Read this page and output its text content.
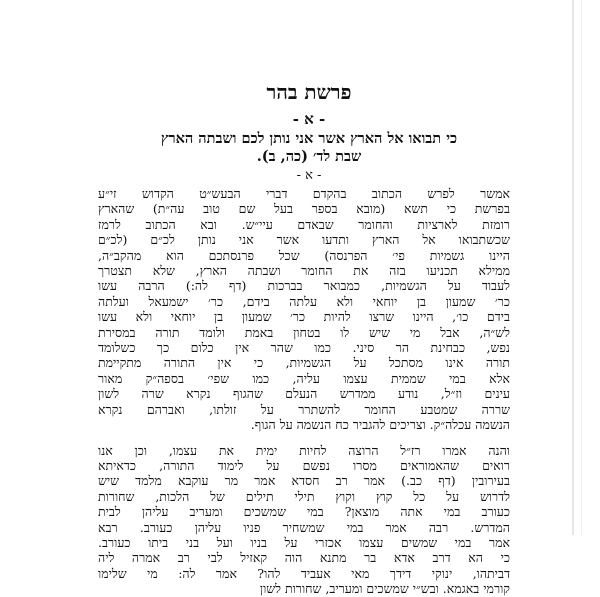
פרשת בהר
- א -
כי תבואו אל הארץ אשר אני נותן לכם ושבתה הארץ
שבת לד׳ (כה, ב).
- א -
אמשר לפרש הכתוב בהקדם דברי הבעש״ט הקדוש זי״ע
בפרשת כי תשא (מובא בספר בעל שם טוב עה״ת) שהארץ
רומזת לארציות והחומר שבאדם עיי״ש. ובא הכתוב לרמז
שכשתבואו אל הארץ ותדעו אשר אני נותן לכ״ם (לכ״ם
היינו גשמיות פי׳ הפרנסה) שכל פרנסתכם הוא מהקב״ה,
ממילא תכניעו בזה את החומר ושבתה הארץ, שלא תצטרך
לעבוד על הגשמיות, כמבואר בברכות (דף לה:) הרבה עשו
כר׳ שמעון בן יוחאי ולא עלתה בידם, כר׳ ישמעאל ועלתה
בידם כו׳, היינו שרצו להיות כר׳ שמעון בן יוחאי ולא עשו
לש״ה, אבל מי שיש לו בטחון באמת ולומד תורה במסירת
נפש, כבחינת הר סיני. כמו שהר אין כלום כך כשלומד
תורה אינו מסתכל על הגשמיות, כי אין התורה מתקיימת
אלא במי שממית עצמו עליה, כמו שפי׳ בספה״ק מאור
עינים וז״ל, נודע ממדרש הנעלם שהגוף נקרא שרה לשון
שררה שמטבע החומר להשתרר על זולתו, ואברהם נקרא
הנשמה עכלה״ק. וצריכים להגביר כח הנשמה על הגוף.
והנה אמרו רז״ל הרוצה לחיות ימית את עצמו, וכן אנו
רואים שהאמוראים מסרו נפשם על לימוד התורה, כדאיתא
בעירובין (דף כב.) אמר רב חסדא אמר מר עוקבא מלמד שיש
לדרוש על כל קוץ וקוץ תילי תילים של הלכות, שחורות
כעורב במי אתה מוצאן? במי שמשכים ומעריב עליהן לבית
המדרש. רבה אמר במי שמשחיר פניו עליהן כעורב. רבא
אמר במי שמשים עצמו אכזרי על בניו ועל בני ביתו כעורב.
כי הא דרב אדא בר מתנא הוה קאזיל לבי רב אמרה ליה
דביתהו, ינוקי דידך מאי אעביד להו? אמר לה: מי שלימו
קורמי באגמא. ובש״י שמשכים ומעריב, שחורות לשון
